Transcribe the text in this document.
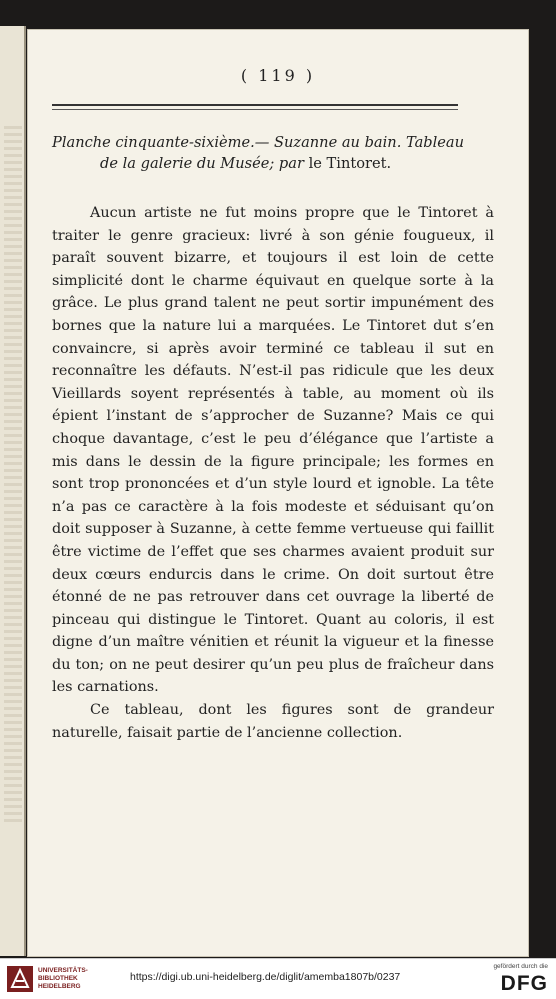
( 119 )
Planche cinquante-sixième.— Suzanne au bain. Tableau
de la galerie du Musée; par le Tintoret.

Aucun artiste ne fut moins propre que le Tintoret à traiter le genre gracieux: livré à son génie fougueux, il paraît souvent bizarre, et toujours il est loin de cette simplicité dont le charme équivaut en quelque sorte à la grâce. Le plus grand talent ne peut sortir impunément des bornes que la nature lui a marquées. Le Tintoret dut s’en convaincre, si après avoir terminé ce tableau il sut en reconnaître les défauts. N’est-il pas ridicule que les deux Vieillards soyent représentés à table, au moment où ils épient l’instant de s’approcher de Suzanne? Mais ce qui choque davantage, c’est le peu d’élégance que l’artiste a mis dans le dessin de la figure principale; les formes en sont trop prononcées et d’un style lourd et ignoble. La tête n’a pas ce caractère à la fois modeste et séduisant qu’on doit supposer à Suzanne, à cette femme vertueuse qui faillit être victime de l’effet que ses charmes avaient produit sur deux cœurs endurcis dans le crime. On doit surtout être étonné de ne pas retrouver dans cet ouvrage la liberté de pinceau qui distingue le Tintoret. Quant au coloris, il est digne d’un maître vénitien et réunit la vigueur et la finesse du ton; on ne peut desirer qu’un peu plus de fraîcheur dans les carnations.

Ce tableau, dont les figures sont de grandeur naturelle, faisait partie de l’ancienne collection.

UNIVERSITÄTS-
BIBLIOTHEK
HEIDELBERG
https://digi.ub.uni-heidelberg.de/diglit/amemba1807b/0237
gefördert durch die
DFG
